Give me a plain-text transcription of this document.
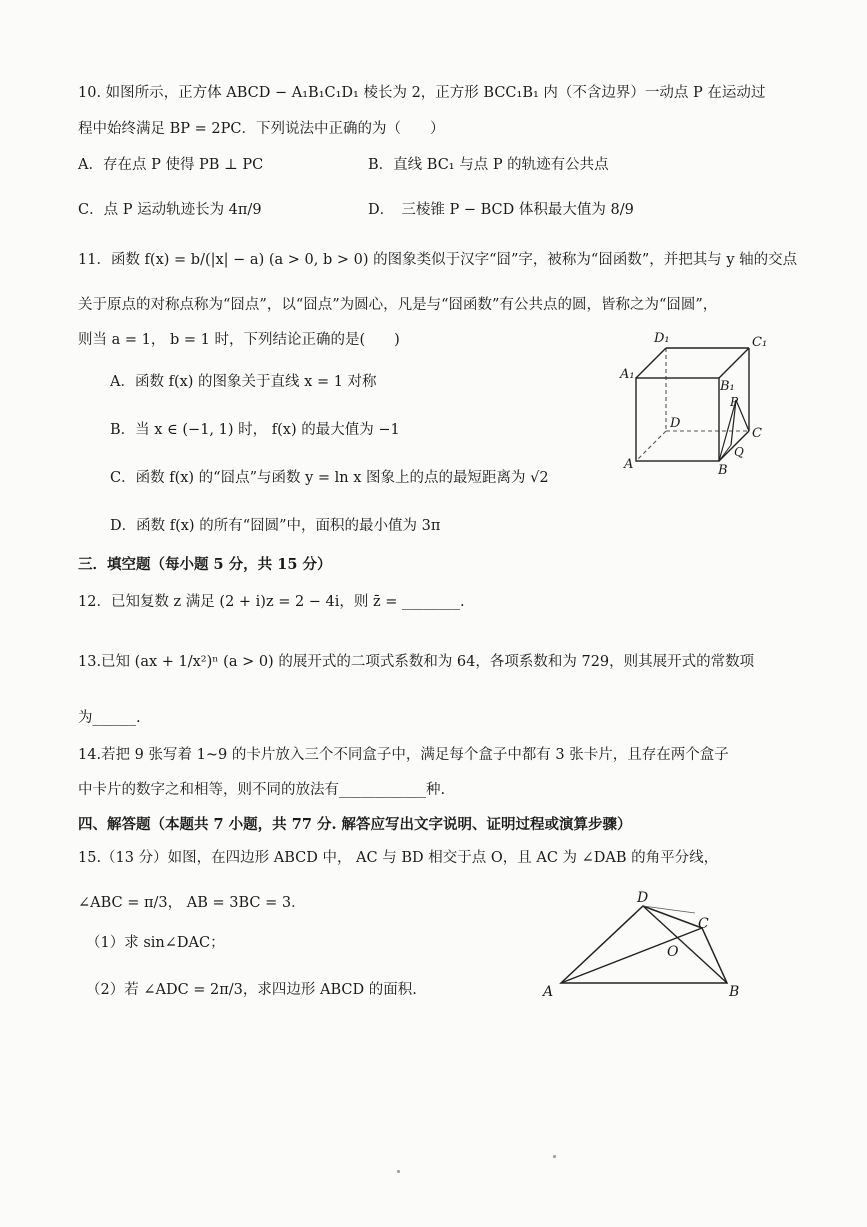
10. 如图所示，正方体 ABCD − A₁B₁C₁D₁ 棱长为 2，正方形 BCC₁B₁ 内（不含边界）一动点 P 在运动过
程中始终满足 BP = 2PC．下列说法中正确的为（　　）
A．存在点 P 使得 PB ⊥ PC	B．直线 BC₁ 与点 P 的轨迹有公共点
C．点 P 运动轨迹长为 4π/9	D．　三棱锥 P − BCD 体积最大值为 8/9
11．函数 f(x) = b/(|x| − a) (a > 0, b > 0) 的图象类似于汉字“囧”字，被称为“囧函数”，并把其与 y 轴的交点
关于原点的对称点称为“囧点”，以“囧点”为圆心，凡是与“囧函数”有公共点的圆，皆称之为“囧圆”，
则当 a = 1， b = 1 时，下列结论正确的是(　　)
A．函数 f(x) 的图象关于直线 x = 1 对称
B．当 x ∈ (−1, 1) 时， f(x) 的最大值为 −1
C．函数 f(x) 的“囧点”与函数 y = ln x 图象上的点的最短距离为 √2
D．函数 f(x) 的所有“囧圆”中，面积的最小值为 3π
D₁	C₁
A₁
B₁
D
P
C
A	B
Q
三．填空题（每小题 5 分，共 15 分）
12．已知复数 z 满足 (2 + i)z = 2 − 4i，则 z̄ = ________.
13.已知 (ax + 1/x²)ⁿ (a > 0) 的展开式的二项式系数和为 64，各项系数和为 729，则其展开式的常数项
为______.
14.若把 9 张写着 1~9 的卡片放入三个不同盒子中，满足每个盒子中都有 3 张卡片，且存在两个盒子
中卡片的数字之和相等，则不同的放法有____________种.
四、解答题（本题共 7 小题，共 77 分. 解答应写出文字说明、证明过程或演算步骤）
15.（13 分）如图，在四边形 ABCD 中， AC 与 BD 相交于点 O，且 AC 为 ∠DAB 的角平分线，
∠ABC = π/3， AB = 3BC = 3．
（1）求 sin∠DAC；
（2）若 ∠ADC = 2π/3，求四边形 ABCD 的面积.
D
C
O
A	B
